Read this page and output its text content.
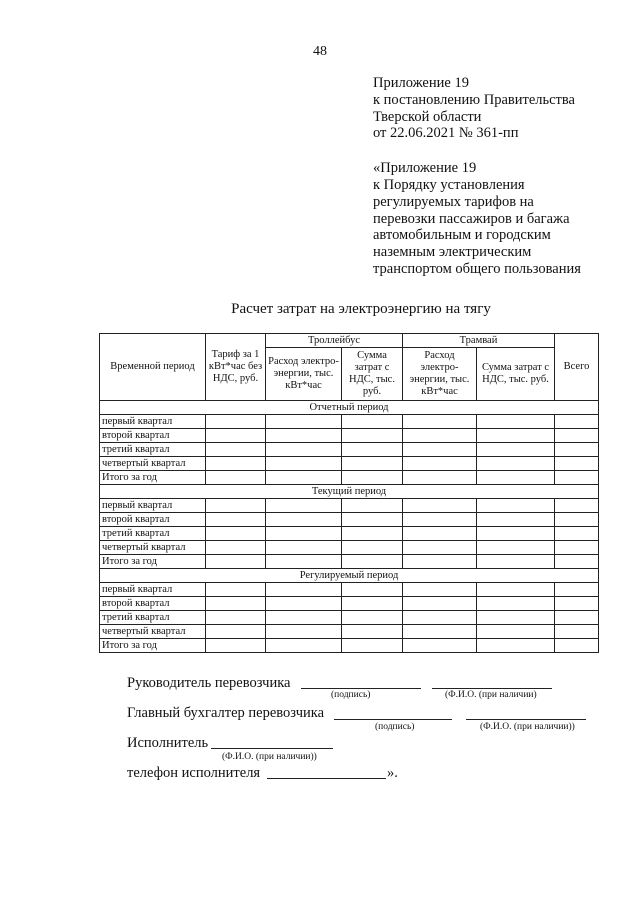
48
Приложение 19
к постановлению Правительства
Тверской области
от 22.06.2021 № 361-пп
«Приложение 19
к Порядку установления
регулируемых тарифов на
перевозки пассажиров и багажа
автомобильным и городским
наземным электрическим
транспортом общего пользования
Расчет затрат на электроэнергию на тягу
Временной период	Тариф за 1 кВт*час без НДС, руб.	Троллейбус		Трамвай		Всего
		Расход электро-энергии, тыс. кВт*час	Сумма затрат с НДС, тыс. руб.	Расход электро-энергии, тыс. кВт*час	Сумма затрат с НДС, тыс. руб.	
Отчетный период						
первый квартал						
второй квартал						
третий квартал						
четвертый квартал						
Итого за год						
Текущий период						
первый квартал						
второй квартал						
третий квартал						
четвертый квартал						
Итого за год						
Регулируемый период						
первый квартал						
второй квартал						
третий квартал						
четвертый квартал						
Итого за год						
Руководитель перевозчика
(подпись)	(Ф.И.О. (при наличии)
Главный бухгалтер перевозчика
(подпись)	(Ф.И.О. (при наличии))
Исполнитель
(Ф.И.О. (при наличии))
телефон исполнителя	».
